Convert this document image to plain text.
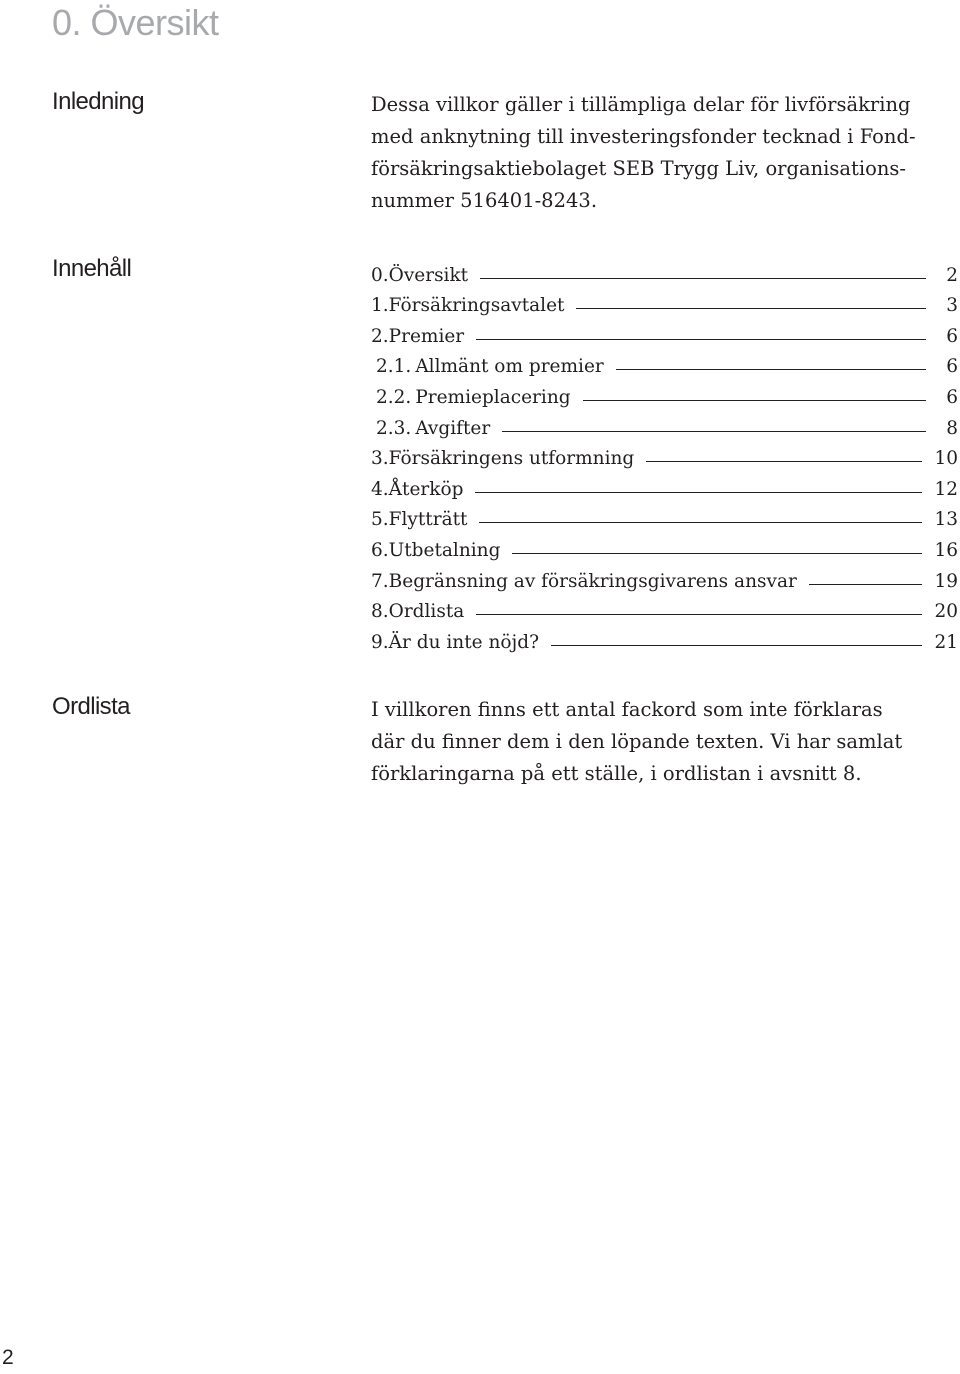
0. Översikt
Inledning	Dessa villkor gäller i tillämpliga delar för livförsäkring
med anknytning till investeringsfonder tecknad i Fond-
försäkringsaktiebolaget SEB Trygg Liv, organisations-
nummer 516401-8243.
Innehåll	0. Översikt	2
1. Försäkringsavtalet	3
2. Premier	6
2.1. Allmänt om premier	6
2.2. Premieplacering	6
2.3. Avgifter	8
3. Försäkringens utformning	10
4. Återköp	12
5. Flytträtt	13
6. Utbetalning	16
7. Begränsning av försäkringsgivarens ansvar	19
8. Ordlista	20
9. Är du inte nöjd?	21
Ordlista	I villkoren finns ett antal fackord som inte förklaras
där du finner dem i den löpande texten. Vi har samlat
förklaringarna på ett ställe, i ordlistan i avsnitt 8.
2
